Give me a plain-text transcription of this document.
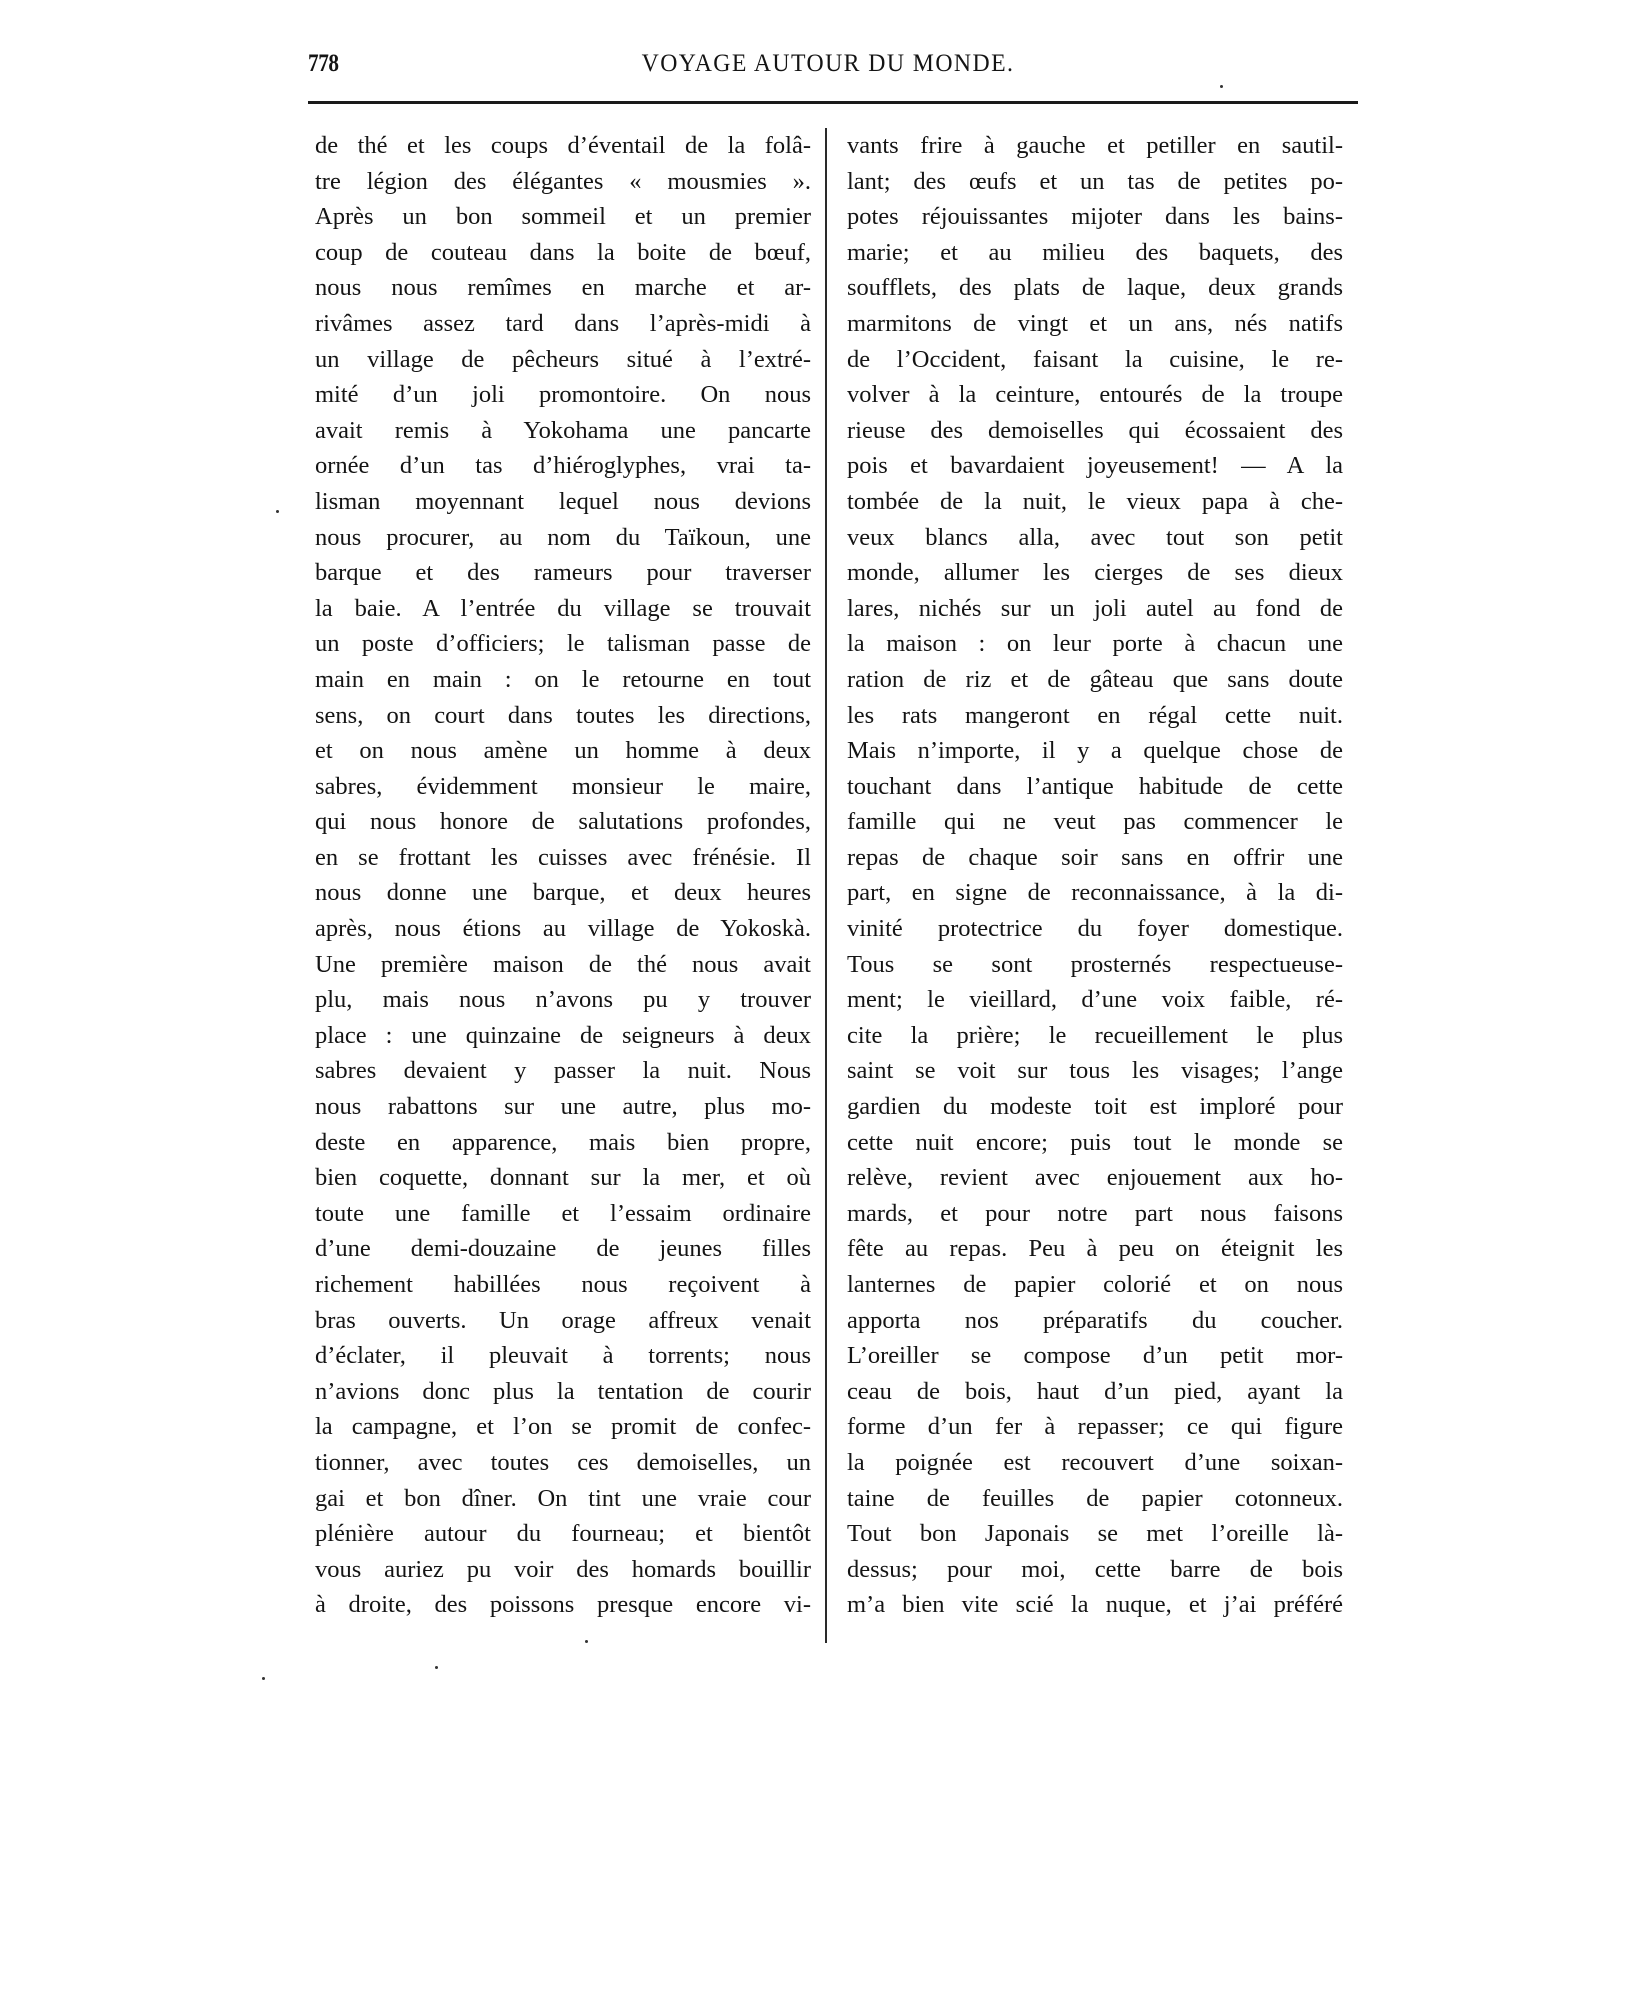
778	VOYAGE AUTOUR DU MONDE.
de thé et les coups d’éventail de la folâ-
tre légion des élégantes « mousmies ».
Après un bon sommeil et un premier
coup de couteau dans la boite de bœuf,
nous nous remîmes en marche et ar-
rivâmes assez tard dans l’après-midi à
un village de pêcheurs situé à l’extré-
mité d’un joli promontoire. On nous
avait remis à Yokohama une pancarte
ornée d’un tas d’hiéroglyphes, vrai ta-
lisman moyennant lequel nous devions
nous procurer, au nom du Taïkoun, une
barque et des rameurs pour traverser
la baie. A l’entrée du village se trouvait
un poste d’officiers; le talisman passe de
main en main : on le retourne en tout
sens, on court dans toutes les directions,
et on nous amène un homme à deux
sabres, évidemment monsieur le maire,
qui nous honore de salutations profondes,
en se frottant les cuisses avec frénésie. Il
nous donne une barque, et deux heures
après, nous étions au village de Yokoskà.
Une première maison de thé nous avait
plu, mais nous n’avons pu y trouver
place : une quinzaine de seigneurs à deux
sabres devaient y passer la nuit. Nous
nous rabattons sur une autre, plus mo-
deste en apparence, mais bien propre,
bien coquette, donnant sur la mer, et où
toute une famille et l’essaim ordinaire
d’une demi-douzaine de jeunes filles
richement habillées nous reçoivent à
bras ouverts. Un orage affreux venait
d’éclater, il pleuvait à torrents; nous
n’avions donc plus la tentation de courir
la campagne, et l’on se promit de confec-
tionner, avec toutes ces demoiselles, un
gai et bon dîner. On tint une vraie cour
plénière autour du fourneau; et bientôt
vous auriez pu voir des homards bouillir
à droite, des poissons presque encore vi-
vants frire à gauche et petiller en sautil-
lant; des œufs et un tas de petites po-
potes réjouissantes mijoter dans les bains-
marie; et au milieu des baquets, des
soufflets, des plats de laque, deux grands
marmitons de vingt et un ans, nés natifs
de l’Occident, faisant la cuisine, le re-
volver à la ceinture, entourés de la troupe
rieuse des demoiselles qui écossaient des
pois et bavardaient joyeusement! — A la
tombée de la nuit, le vieux papa à che-
veux blancs alla, avec tout son petit
monde, allumer les cierges de ses dieux
lares, nichés sur un joli autel au fond de
la maison : on leur porte à chacun une
ration de riz et de gâteau que sans doute
les rats mangeront en régal cette nuit.
Mais n’importe, il y a quelque chose de
touchant dans l’antique habitude de cette
famille qui ne veut pas commencer le
repas de chaque soir sans en offrir une
part, en signe de reconnaissance, à la di-
vinité protectrice du foyer domestique.
Tous se sont prosternés respectueuse-
ment; le vieillard, d’une voix faible, ré-
cite la prière; le recueillement le plus
saint se voit sur tous les visages; l’ange
gardien du modeste toit est imploré pour
cette nuit encore; puis tout le monde se
relève, revient avec enjouement aux ho-
mards, et pour notre part nous faisons
fête au repas. Peu à peu on éteignit les
lanternes de papier colorié et on nous
apporta nos préparatifs du coucher.
L’oreiller se compose d’un petit mor-
ceau de bois, haut d’un pied, ayant la
forme d’un fer à repasser; ce qui figure
la poignée est recouvert d’une soixan-
taine de feuilles de papier cotonneux.
Tout bon Japonais se met l’oreille là-
dessus; pour moi, cette barre de bois
m’a bien vite scié la nuque, et j’ai préféré
